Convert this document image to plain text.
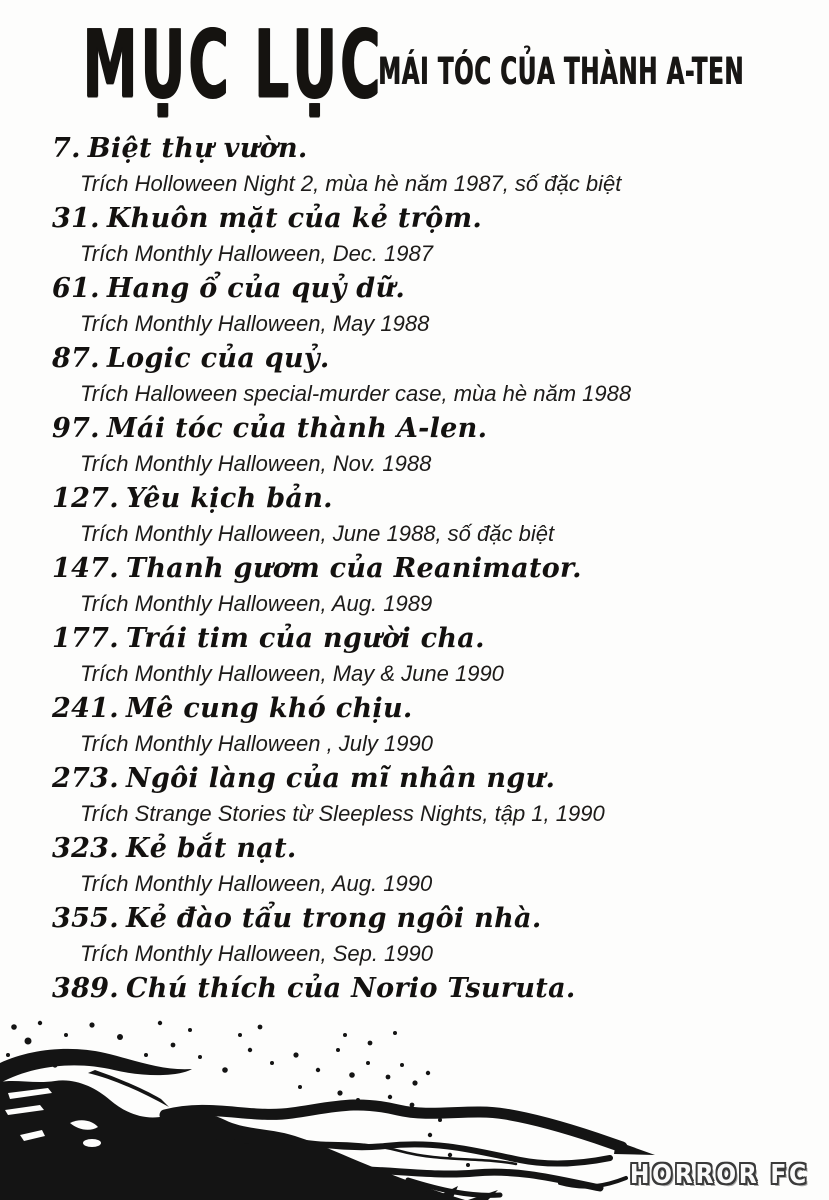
MỤC LỤC
MÁI TÓC CỦA THÀNH A-TEN
7. Biệt thự vườn.
Trích Holloween Night 2, mùa hè năm 1987, số đặc biệt
31. Khuôn mặt của kẻ trộm.
Trích Monthly Halloween, Dec. 1987
61. Hang ổ của quỷ dữ.
Trích Monthly Halloween, May 1988
87. Logic của quỷ.
Trích Halloween special-murder case, mùa hè năm 1988
97. Mái tóc của thành A-len.
Trích Monthly Halloween, Nov. 1988
127. Yêu kịch bản.
Trích Monthly Halloween, June 1988, số đặc biệt
147. Thanh gươm của Reanimator.
Trích Monthly Halloween, Aug. 1989
177. Trái tim của người cha.
Trích Monthly Halloween, May & June 1990
241. Mê cung khó chịu.
Trích Monthly Halloween , July 1990
273. Ngôi làng của mĩ nhân ngư.
Trích Strange Stories từ Sleepless Nights, tập 1, 1990
323. Kẻ bắt nạt.
Trích Monthly Halloween, Aug. 1990
355. Kẻ đào tẩu trong ngôi nhà.
Trích Monthly Halloween, Sep. 1990
389. Chú thích của Norio Tsuruta.
HORROR FC
